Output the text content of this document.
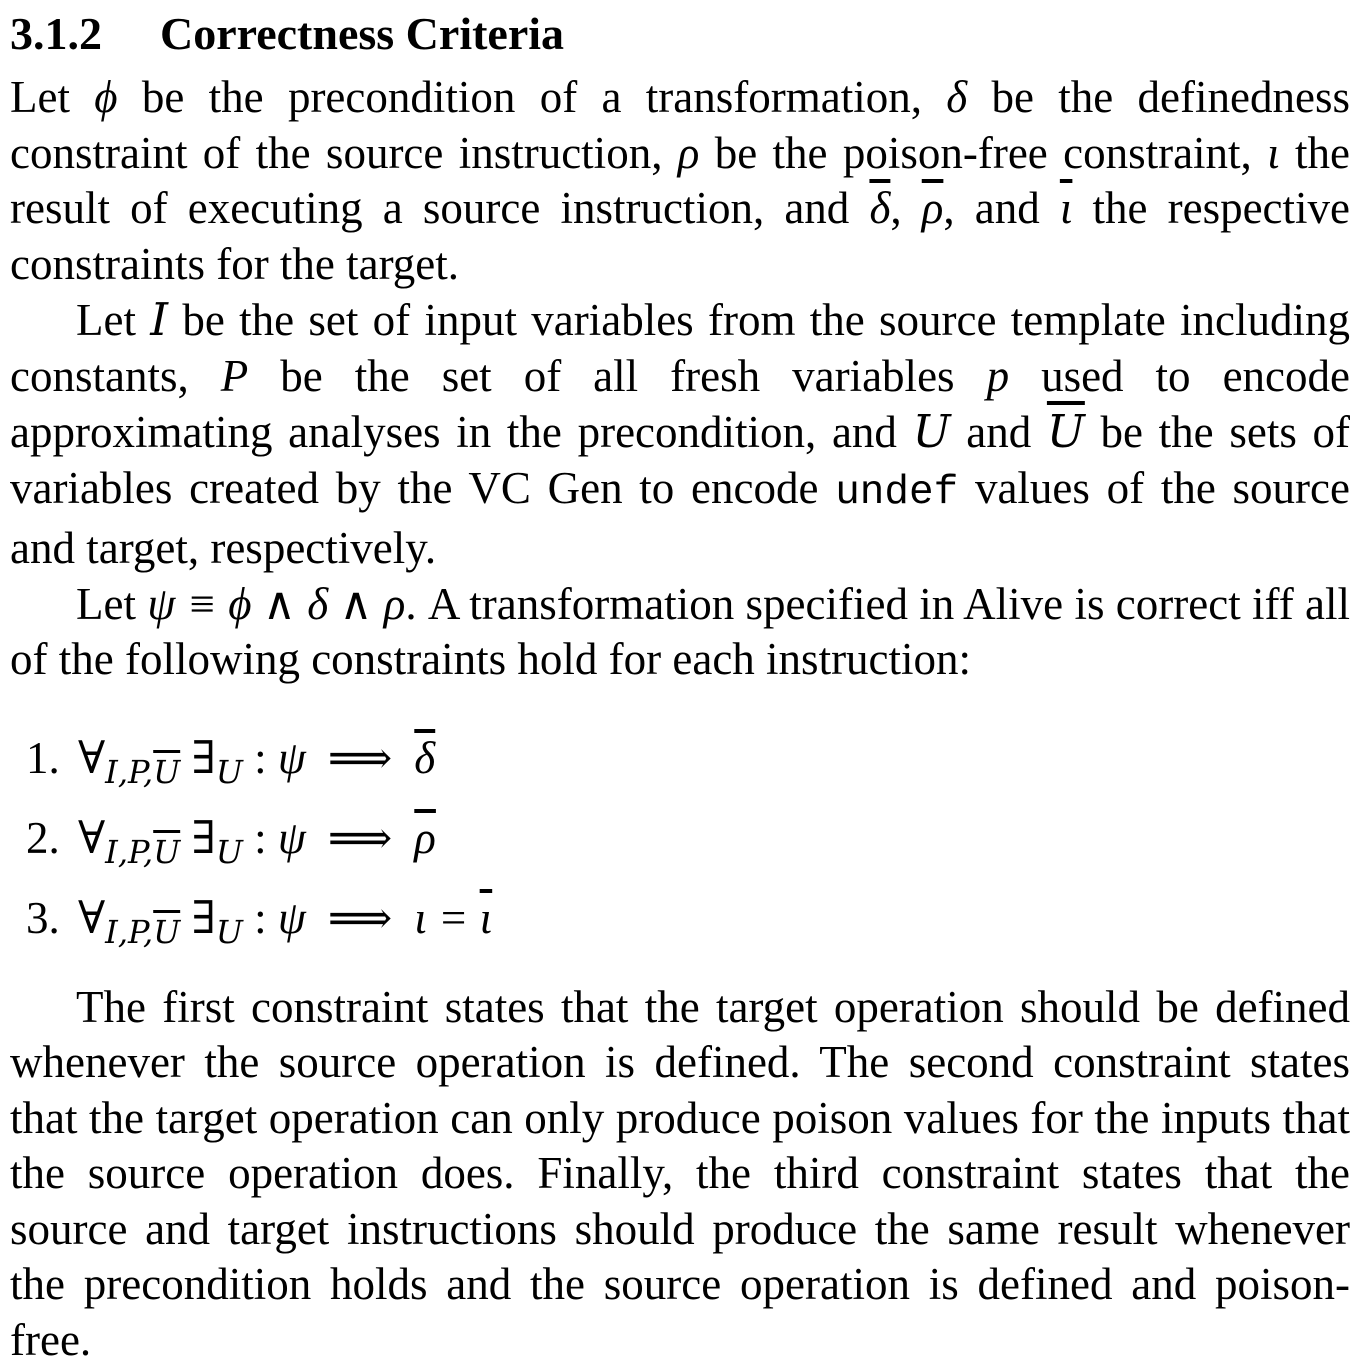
3.1.2 Correctness Criteria

Let ϕ be the precondition of a transformation, δ be the definedness constraint of the source instruction, ρ be the poison-free constraint, ι the result of executing a source instruction, and $\overline{\delta}$, $\overline{\rho}$, and $\overline{\iota}$ the respective constraints for the target.

Let I be the set of input variables from the source template including constants, P be the set of all fresh variables p used to encode approximating analyses in the precondition, and U and $\overline{U}$ be the sets of variables created by the VC Gen to encode undef values of the source and target, respectively.

Let ψ ≡ ϕ ∧ δ ∧ ρ. A transformation specified in Alive is correct iff all of the following constraints hold for each instruction:

1. $\forall_{I,P,\overline{U}}$ $\exists_U$ : ψ ⟹ $\overline{\delta}$
2. $\forall_{I,P,\overline{U}}$ $\exists_U$ : ψ ⟹ $\overline{\rho}$
3. $\forall_{I,P,\overline{U}}$ $\exists_U$ : ψ ⟹ $\iota = \overline{\iota}$

The first constraint states that the target operation should be defined whenever the source operation is defined. The second constraint states that the target operation can only produce poison values for the inputs that the source operation does. Finally, the third constraint states that the source and target instructions should produce the same result whenever the precondition holds and the source operation is defined and poison-free.
